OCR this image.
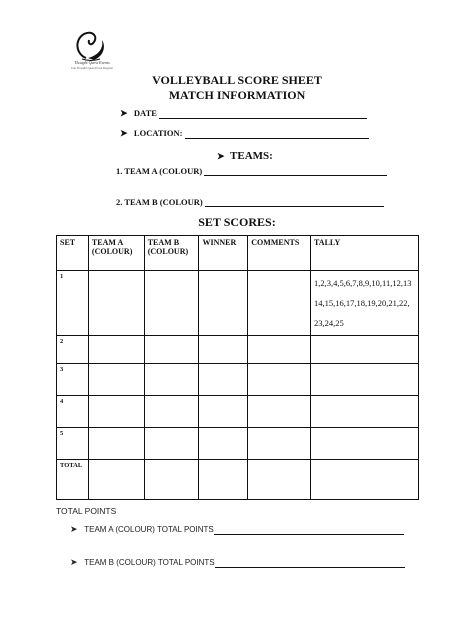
Thought Quest Events
Join Thought Quest Event Register
VOLLEYBALL SCORE SHEET
MATCH INFORMATION
➤ DATE
➤ LOCATION:
➤ TEAMS:
1. TEAM A (COLOUR)
2. TEAM B (COLOUR)
SET SCORES:
SET	TEAM A (COLOUR)	TEAM B (COLOUR)	WINNER	COMMENTS	TALLY
1					1,2,3,4,5,6,7,8,9,10,11,12,13
14,15,16,17,18,19,20,21,22,
23,24,25

2					
3					
4					
5					
TOTAL					
TOTAL POINTS
➤ TEAM A (COLOUR) TOTAL POINTS
➤ TEAM B (COLOUR) TOTAL POINTS
